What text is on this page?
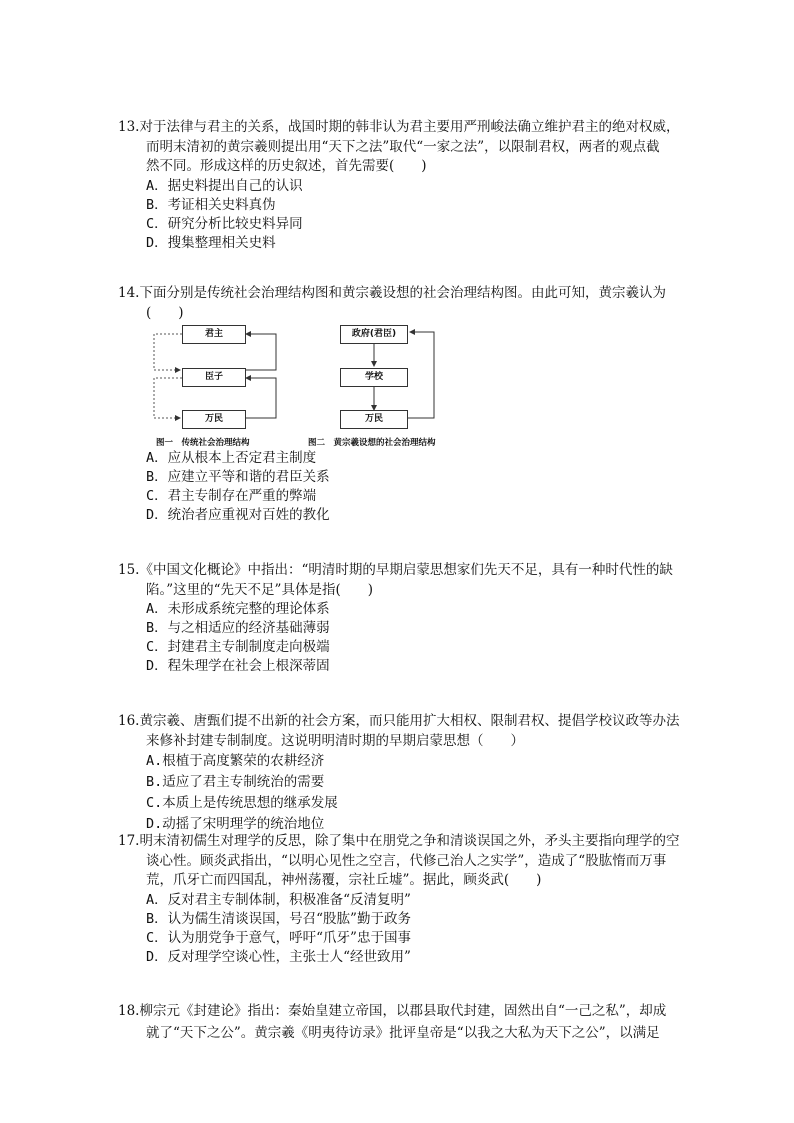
13.对于法律与君主的关系，战国时期的韩非认为君主要用严刑峻法确立维护君主的绝对权威，
而明末清初的黄宗羲则提出用“天下之法”取代“一家之法”，以限制君权，两者的观点截
然不同。形成这样的历史叙述，首先需要(　　)
A．据史料提出自己的认识
B．考证相关史料真伪
C．研究分析比较史料异同
D．搜集整理相关史料
14.下面分别是传统社会治理结构图和黄宗羲设想的社会治理结构图。由此可知，黄宗羲认为
(　　)
君主
臣子
万民
政府(君臣)
学校
万民
图一　传统社会治理结构	图二　黄宗羲设想的社会治理结构
A．应从根本上否定君主制度
B．应建立平等和谐的君臣关系
C．君主专制存在严重的弊端
D．统治者应重视对百姓的教化
15.《中国文化概论》中指出：“明清时期的早期启蒙思想家们先天不足，具有一种时代性的缺
陷。”这里的“先天不足”具体是指(　　)
A．未形成系统完整的理论体系
B．与之相适应的经济基础薄弱
C．封建君主专制制度走向极端
D．程朱理学在社会上根深蒂固
16.黄宗羲、唐甄们提不出新的社会方案，而只能用扩大相权、限制君权、提倡学校议政等办法
来修补封建专制制度。这说明明清时期的早期启蒙思想（　　）
A.根植于高度繁荣的农耕经济
B.适应了君主专制统治的需要
C.本质上是传统思想的继承发展
D.动摇了宋明理学的统治地位
17.明末清初儒生对理学的反思，除了集中在朋党之争和清谈误国之外，矛头主要指向理学的空
谈心性。顾炎武指出，“以明心见性之空言，代修己治人之实学”，造成了“股肱惰而万事
荒，爪牙亡而四国乱，神州荡覆，宗社丘墟”。据此，顾炎武(　　)
A．反对君主专制体制，积极准备“反清复明”
B．认为儒生清谈误国，号召“股肱”勤于政务
C．认为朋党争于意气，呼吁“爪牙”忠于国事
D．反对理学空谈心性，主张士人“经世致用”
18.柳宗元《封建论》指出：秦始皇建立帝国，以郡县取代封建，固然出自“一己之私”，却成
就了“天下之公”。黄宗羲《明夷待访录》批评皇帝是“以我之大私为天下之公”，以满足
